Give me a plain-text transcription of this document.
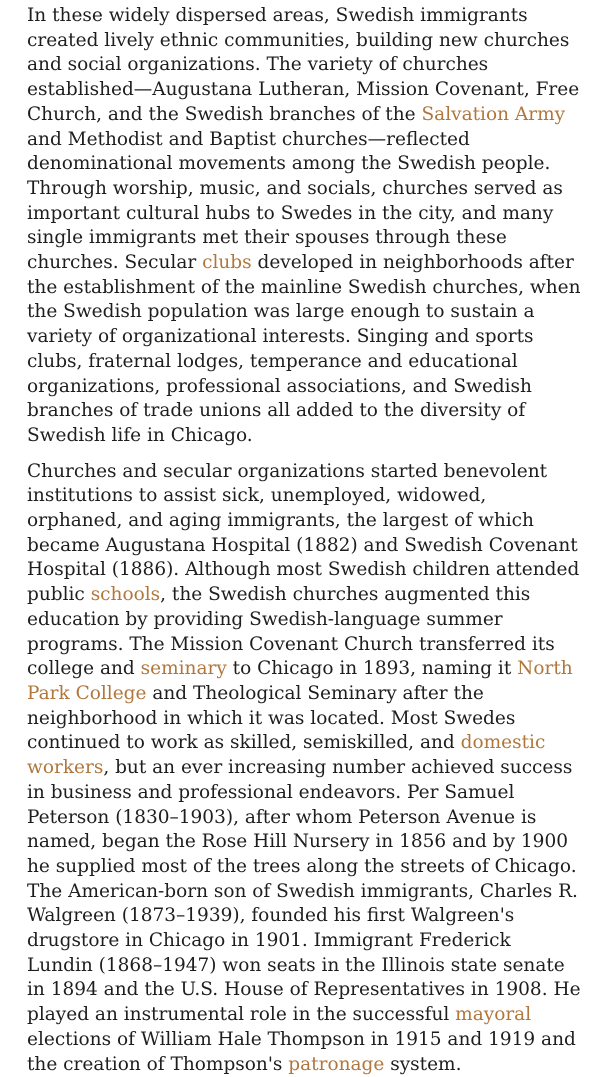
In these widely dispersed areas, Swedish immigrants created lively ethnic communities, building new churches and social organizations. The variety of churches established—Augustana Lutheran, Mission Covenant, Free Church, and the Swedish branches of the Salvation Army and Methodist and Baptist churches—reflected denominational movements among the Swedish people. Through worship, music, and socials, churches served as important cultural hubs to Swedes in the city, and many single immigrants met their spouses through these churches. Secular clubs developed in neighborhoods after the establishment of the mainline Swedish churches, when the Swedish population was large enough to sustain a variety of organizational interests. Singing and sports clubs, fraternal lodges, temperance and educational organizations, professional associations, and Swedish branches of trade unions all added to the diversity of Swedish life in Chicago.

Churches and secular organizations started benevolent institutions to assist sick, unemployed, widowed, orphaned, and aging immigrants, the largest of which became Augustana Hospital (1882) and Swedish Covenant Hospital (1886). Although most Swedish children attended public schools, the Swedish churches augmented this education by providing Swedish-language summer programs. The Mission Covenant Church transferred its college and seminary to Chicago in 1893, naming it North Park College and Theological Seminary after the neighborhood in which it was located. Most Swedes continued to work as skilled, semiskilled, and domestic workers, but an ever increasing number achieved success in business and professional endeavors. Per Samuel Peterson (1830–1903), after whom Peterson Avenue is named, began the Rose Hill Nursery in 1856 and by 1900 he supplied most of the trees along the streets of Chicago. The American-born son of Swedish immigrants, Charles R. Walgreen (1873–1939), founded his first Walgreen's drugstore in Chicago in 1901. Immigrant Frederick Lundin (1868–1947) won seats in the Illinois state senate in 1894 and the U.S. House of Representatives in 1908. He played an instrumental role in the successful mayoral elections of William Hale Thompson in 1915 and 1919 and the creation of Thompson's patronage system.
